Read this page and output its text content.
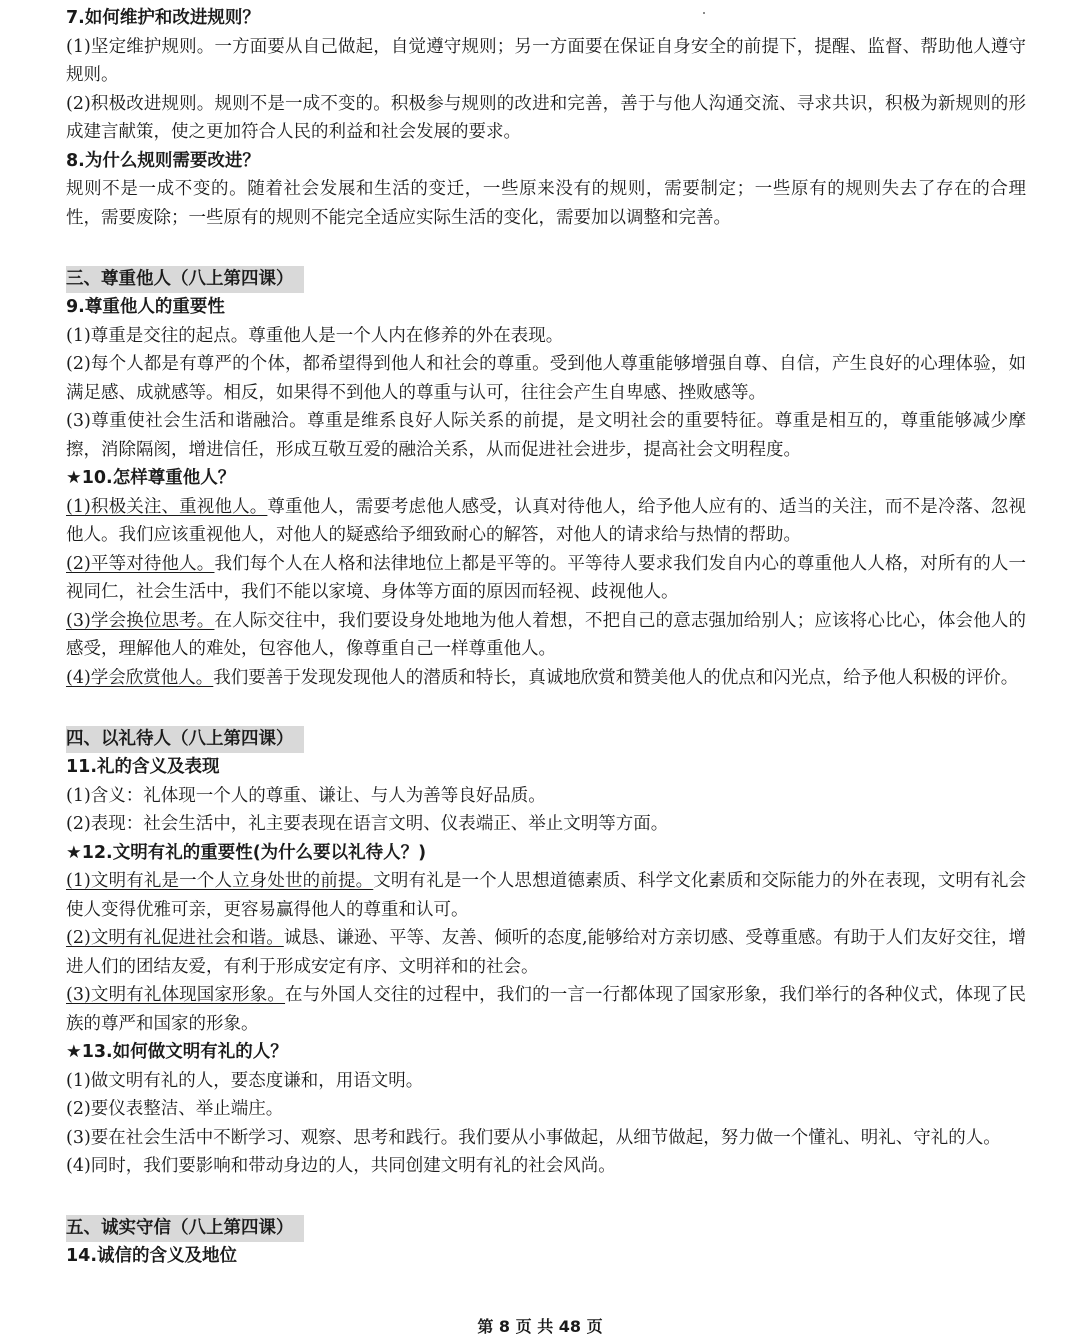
7.如何维护和改进规则？

(1)坚定维护规则。一方面要从自己做起，自觉遵守规则；另一方面要在保证自身安全的前提下，提醒、监督、帮助他人遵守规则。

(2)积极改进规则。规则不是一成不变的。积极参与规则的改进和完善，善于与他人沟通交流、寻求共识，积极为新规则的形成建言献策，使之更加符合人民的利益和社会发展的要求。

8.为什么规则需要改进？

规则不是一成不变的。随着社会发展和生活的变迁，一些原来没有的规则，需要制定；一些原有的规则失去了存在的合理性，需要废除；一些原有的规则不能完全适应实际生活的变化，需要加以调整和完善。

三、尊重他人（八上第四课）
9.尊重他人的重要性

(1)尊重是交往的起点。尊重他人是一个人内在修养的外在表现。

(2)每个人都是有尊严的个体，都希望得到他人和社会的尊重。受到他人尊重能够增强自尊、自信，产生良好的心理体验，如满足感、成就感等。相反，如果得不到他人的尊重与认可，往往会产生自卑感、挫败感等。

(3)尊重使社会生活和谐融洽。尊重是维系良好人际关系的前提，是文明社会的重要特征。尊重是相互的，尊重能够减少摩擦，消除隔阂，增进信任，形成互敬互爱的融洽关系，从而促进社会进步，提高社会文明程度。

★10.怎样尊重他人？

(1)积极关注、重视他人。尊重他人，需要考虑他人感受，认真对待他人，给予他人应有的、适当的关注，而不是冷落、忽视他人。我们应该重视他人，对他人的疑惑给予细致耐心的解答，对他人的请求给与热情的帮助。

(2)平等对待他人。我们每个人在人格和法律地位上都是平等的。平等待人要求我们发自内心的尊重他人人格，对所有的人一视同仁，社会生活中，我们不能以家境、身体等方面的原因而轻视、歧视他人。

(3)学会换位思考。在人际交往中，我们要设身处地地为他人着想，不把自己的意志强加给别人；应该将心比心，体会他人的感受，理解他人的难处，包容他人，像尊重自己一样尊重他人。

(4)学会欣赏他人。我们要善于发现发现他人的潜质和特长，真诚地欣赏和赞美他人的优点和闪光点，给予他人积极的评价。

四、以礼待人（八上第四课）
11.礼的含义及表现

(1)含义：礼体现一个人的尊重、谦让、与人为善等良好品质。

(2)表现：社会生活中，礼主要表现在语言文明、仪表端正、举止文明等方面。

★12.文明有礼的重要性(为什么要以礼待人？)

(1)文明有礼是一个人立身处世的前提。文明有礼是一个人思想道德素质、科学文化素质和交际能力的外在表现，文明有礼会使人变得优雅可亲，更容易赢得他人的尊重和认可。

(2)文明有礼促进社会和谐。诚恳、谦逊、平等、友善、倾听的态度,能够给对方亲切感、受尊重感。有助于人们友好交往，增进人们的团结友爱，有利于形成安定有序、文明祥和的社会。

(3)文明有礼体现国家形象。在与外国人交往的过程中，我们的一言一行都体现了国家形象，我们举行的各种仪式，体现了民族的尊严和国家的形象。

★13.如何做文明有礼的人？

(1)做文明有礼的人，要态度谦和，用语文明。

(2)要仪表整洁、举止端庄。

(3)要在社会生活中不断学习、观察、思考和践行。我们要从小事做起，从细节做起，努力做一个懂礼、明礼、守礼的人。

(4)同时，我们要影响和带动身边的人，共同创建文明有礼的社会风尚。

五、诚实守信（八上第四课）
14.诚信的含义及地位
第 8 页 共 48 页
